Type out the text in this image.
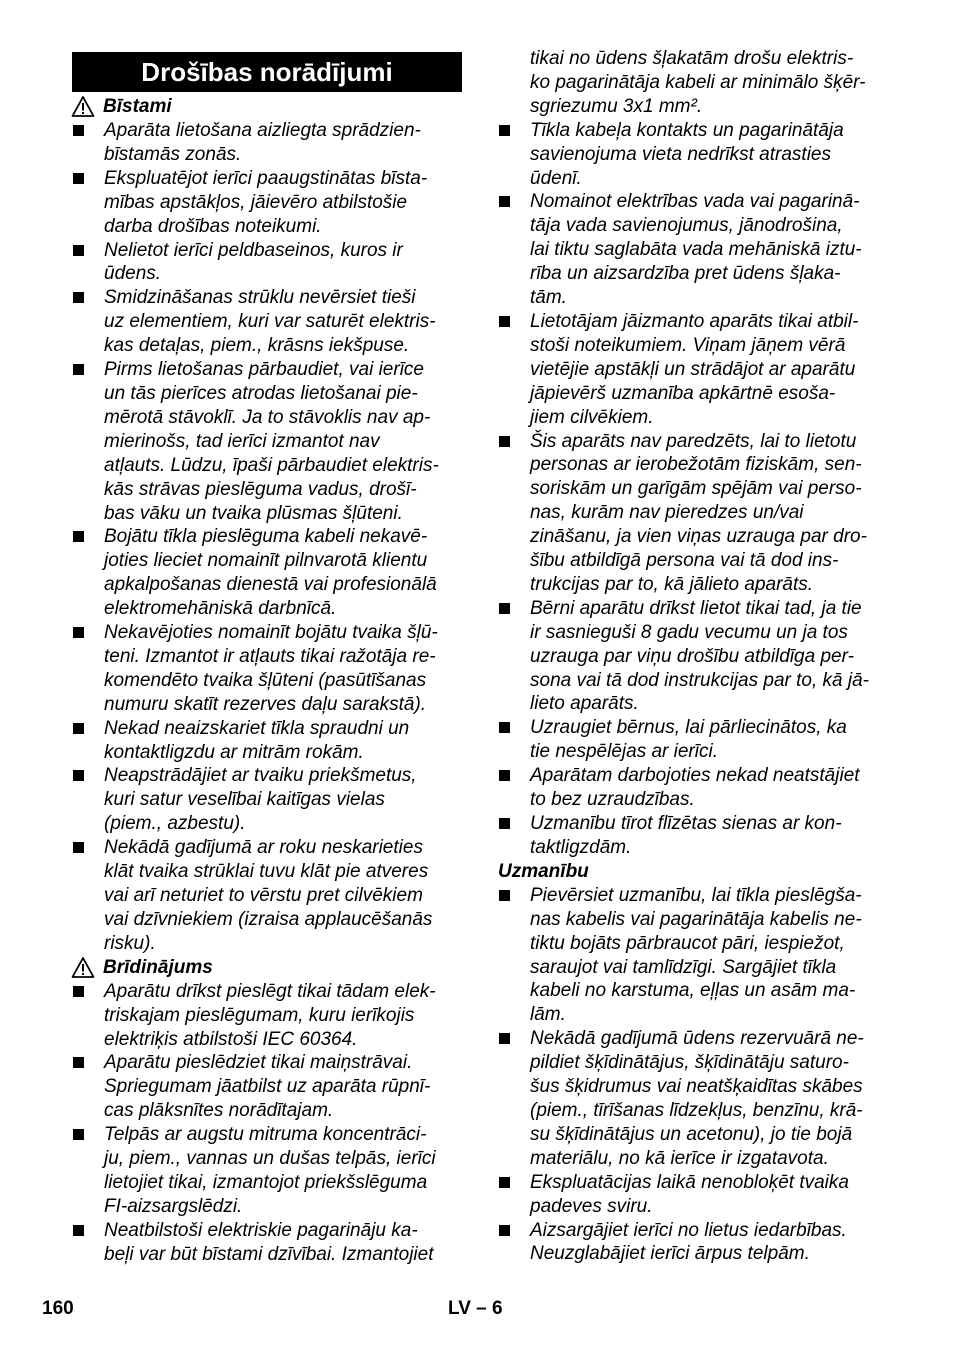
Drošības norādījumi
Bīstami
Aparāta lietošana aizliegta sprādzien-
bīstamās zonās.
Ekspluatējot ierīci paaugstinātas bīsta-
mības apstākļos, jāievēro atbilstošie
darba drošības noteikumi.
Nelietot ierīci peldbaseinos, kuros ir
ūdens.
Smidzināšanas strūklu nevērsiet tieši
uz elementiem, kuri var saturēt elektris-
kas detaļas, piem., krāsns iekšpuse.
Pirms lietošanas pārbaudiet, vai ierīce
un tās pierīces atrodas lietošanai pie-
mērotā stāvoklī. Ja to stāvoklis nav ap-
mierinošs, tad ierīci izmantot nav
atļauts. Lūdzu, īpaši pārbaudiet elektris-
kās strāvas pieslēguma vadus, drošī-
bas vāku un tvaika plūsmas šļūteni.
Bojātu tīkla pieslēguma kabeli nekavē-
joties lieciet nomainīt pilnvarotā klientu
apkalpošanas dienestā vai profesionālā
elektromehāniskā darbnīcā.
Nekavējoties nomainīt bojātu tvaika šļū-
teni. Izmantot ir atļauts tikai ražotāja re-
komendēto tvaika šļūteni (pasūtīšanas
numuru skatīt rezerves daļu sarakstā).
Nekad neaizskariet tīkla spraudni un
kontaktligzdu ar mitrām rokām.
Neapstrādājiet ar tvaiku priekšmetus,
kuri satur veselībai kaitīgas vielas
(piem., azbestu).
Nekādā gadījumā ar roku neskarieties
klāt tvaika strūklai tuvu klāt pie atveres
vai arī neturiet to vērstu pret cilvēkiem
vai dzīvniekiem (izraisa applaucēšanās
risku).
Brīdinājums
Aparātu drīkst pieslēgt tikai tādam elek-
triskajam pieslēgumam, kuru ierīkojis
elektriķis atbilstoši IEC 60364.
Aparātu pieslēdziet tikai maiņstrāvai.
Spriegumam jāatbilst uz aparāta rūpnī-
cas plāksnītes norādītajam.
Telpās ar augstu mitruma koncentrāci-
ju, piem., vannas un dušas telpās, ierīci
lietojiet tikai, izmantojot priekšslēguma
FI-aizsargslēdzi.
Neatbilstoši elektriskie pagarināju ka-
beļi var būt bīstami dzīvībai. Izmantojiet
tikai no ūdens šļakatām drošu elektris-
ko pagarinātāja kabeli ar minimālo šķēr-
sgriezumu 3x1 mm².
Tīkla kabeļa kontakts un pagarinātāja
savienojuma vieta nedrīkst atrasties
ūdenī.
Nomainot elektrības vada vai pagarinā-
tāja vada savienojumus, jānodrošina,
lai tiktu saglabāta vada mehāniskā iztu-
rība un aizsardzība pret ūdens šļaka-
tām.
Lietotājam jāizmanto aparāts tikai atbil-
stoši noteikumiem. Viņam jāņem vērā
vietējie apstākļi un strādājot ar aparātu
jāpievērš uzmanība apkārtnē esoša-
jiem cilvēkiem.
Šis aparāts nav paredzēts, lai to lietotu
personas ar ierobežotām fiziskām, sen-
soriskām un garīgām spējām vai perso-
nas, kurām nav pieredzes un/vai
zināšanu, ja vien viņas uzrauga par dro-
šību atbildīgā persona vai tā dod ins-
trukcijas par to, kā jālieto aparāts.
Bērni aparātu drīkst lietot tikai tad, ja tie
ir sasnieguši 8 gadu vecumu un ja tos
uzrauga par viņu drošību atbildīga per-
sona vai tā dod instrukcijas par to, kā jā-
lieto aparāts.
Uzraugiet bērnus, lai pārliecinātos, ka
tie nespēlējas ar ierīci.
Aparātam darbojoties nekad neatstājiet
to bez uzraudzības.
Uzmanību tīrot flīzētas sienas ar kon-
taktligzdām.
Uzmanību
Pievērsiet uzmanību, lai tīkla pieslēgša-
nas kabelis vai pagarinātāja kabelis ne-
tiktu bojāts pārbraucot pāri, iespiežot,
saraujot vai tamlīdzīgi. Sargājiet tīkla
kabeli no karstuma, eļļas un asām ma-
lām.
Nekādā gadījumā ūdens rezervuārā ne-
pildiet šķīdinātājus, šķīdinātāju saturo-
šus šķidrumus vai neatšķaidītas skābes
(piem., tīrīšanas līdzekļus, benzīnu, krā-
su šķīdinātājus un acetonu), jo tie bojā
materiālu, no kā ierīce ir izgatavota.
Ekspluatācijas laikā nenobloķēt tvaika
padeves sviru.
Aizsargājiet ierīci no lietus iedarbības.
Neuzglabājiet ierīci ārpus telpām.
160	LV – 6
